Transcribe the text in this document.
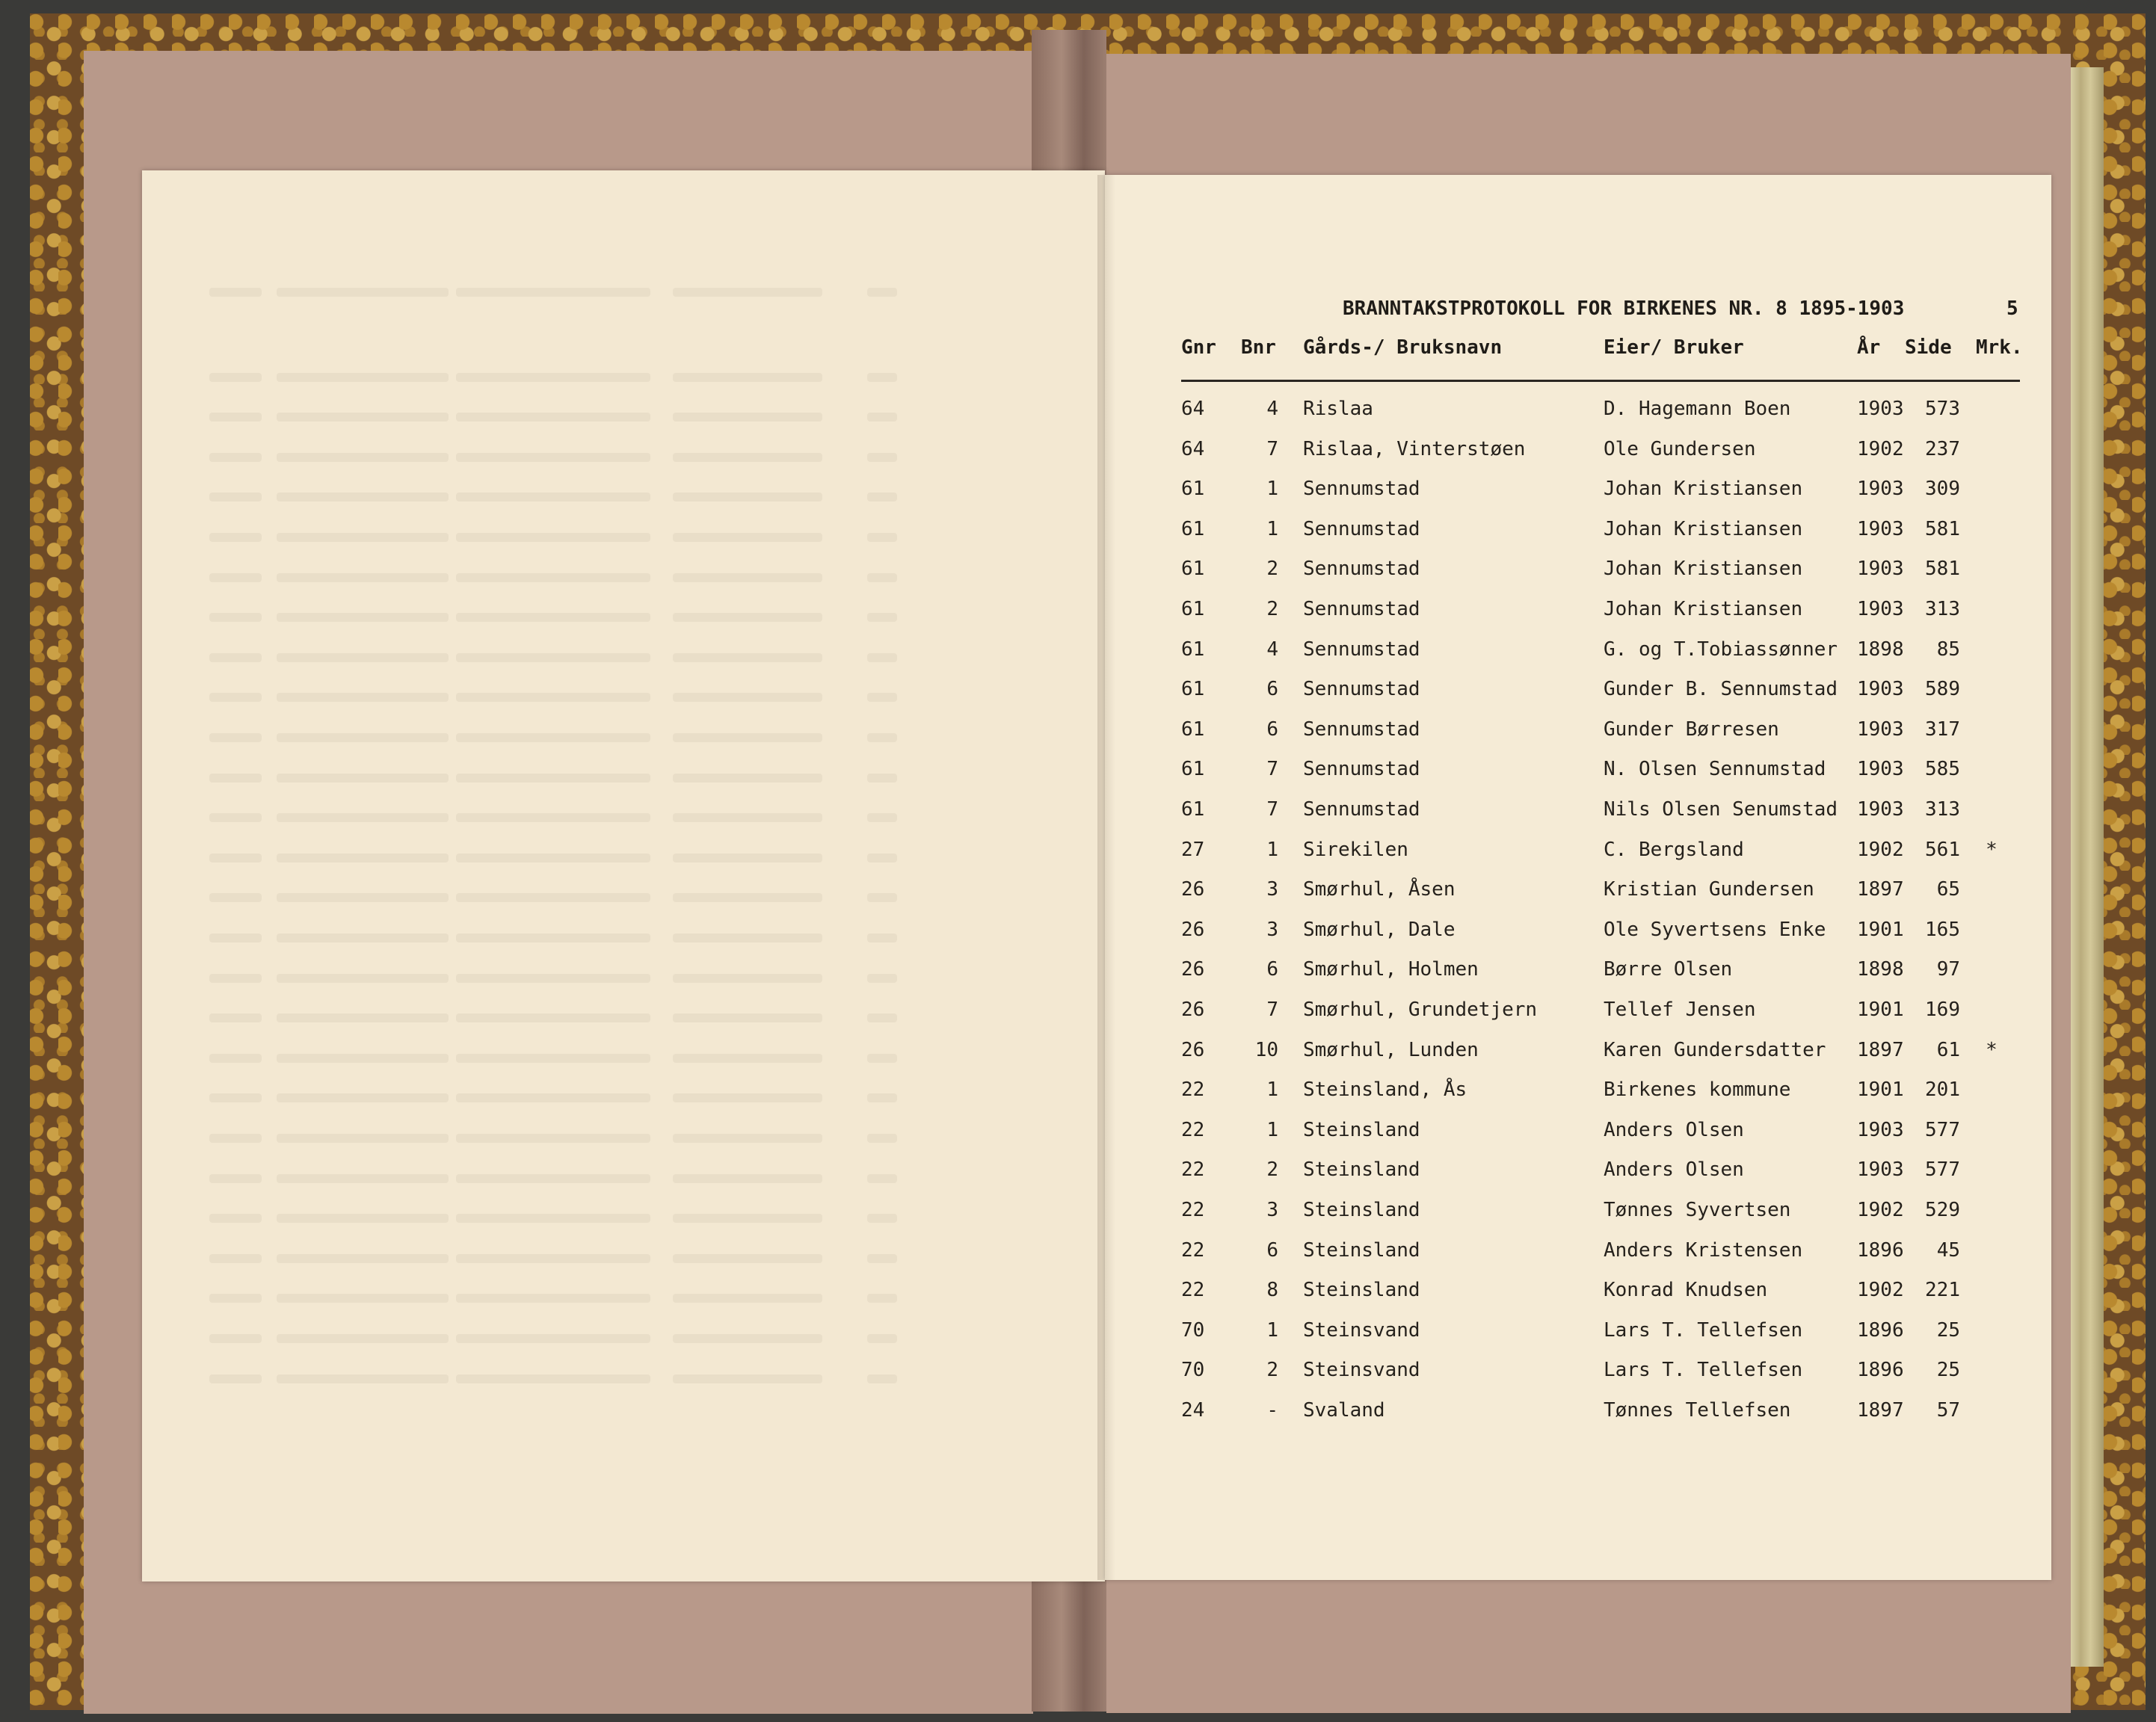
BRANNTAKSTPROTOKOLL FOR BIRKENES NR. 8 1895-1903	5
Gnr Bnr Gårds-/ Bruksnavn	Eier/ Bruker	År Side Mrk.
64	4 Rislaa	D. Hagemann Boen	1903 573
64	7 Rislaa, Vinterstøen	Ole Gundersen	1902 237
61	1 Sennumstad	Johan Kristiansen	1903 309
61	1 Sennumstad	Johan Kristiansen	1903 581
61	2 Sennumstad	Johan Kristiansen	1903 581
61	2 Sennumstad	Johan Kristiansen	1903 313
61	4 Sennumstad	G. og T.Tobiassønner 1898	85
61	6 Sennumstad	Gunder B. Sennumstad 1903 589
61	6 Sennumstad	Gunder Børresen	1903 317
61	7 Sennumstad	N. Olsen Sennumstad 1903 585
61	7 Sennumstad	Nils Olsen Senumstad 1903 313
27	1 Sirekilen	C. Bergsland	1902 561	*
26	3 Smørhul, Åsen	Kristian Gundersen 1897	65
26	3 Smørhul, Dale	Ole Syvertsens Enke 1901 165
26	6 Smørhul, Holmen	Børre Olsen	1898	97
26	7 Smørhul, Grundetjern	Tellef Jensen	1901 169
26	10 Smørhul, Lunden	Karen Gundersdatter 1897	61	*
22	1 Steinsland, Ås	Birkenes kommune	1901 201
22	1 Steinsland	Anders Olsen	1903 577
22	2 Steinsland	Anders Olsen	1903 577
22	3 Steinsland	Tønnes Syvertsen	1902 529
22	6 Steinsland	Anders Kristensen	1896	45
22	8 Steinsland	Konrad Knudsen	1902 221
70	1 Steinsvand	Lars T. Tellefsen	1896	25
70	2 Steinsvand	Lars T. Tellefsen	1896	25
24	- Svaland	Tønnes Tellefsen	1897	57
